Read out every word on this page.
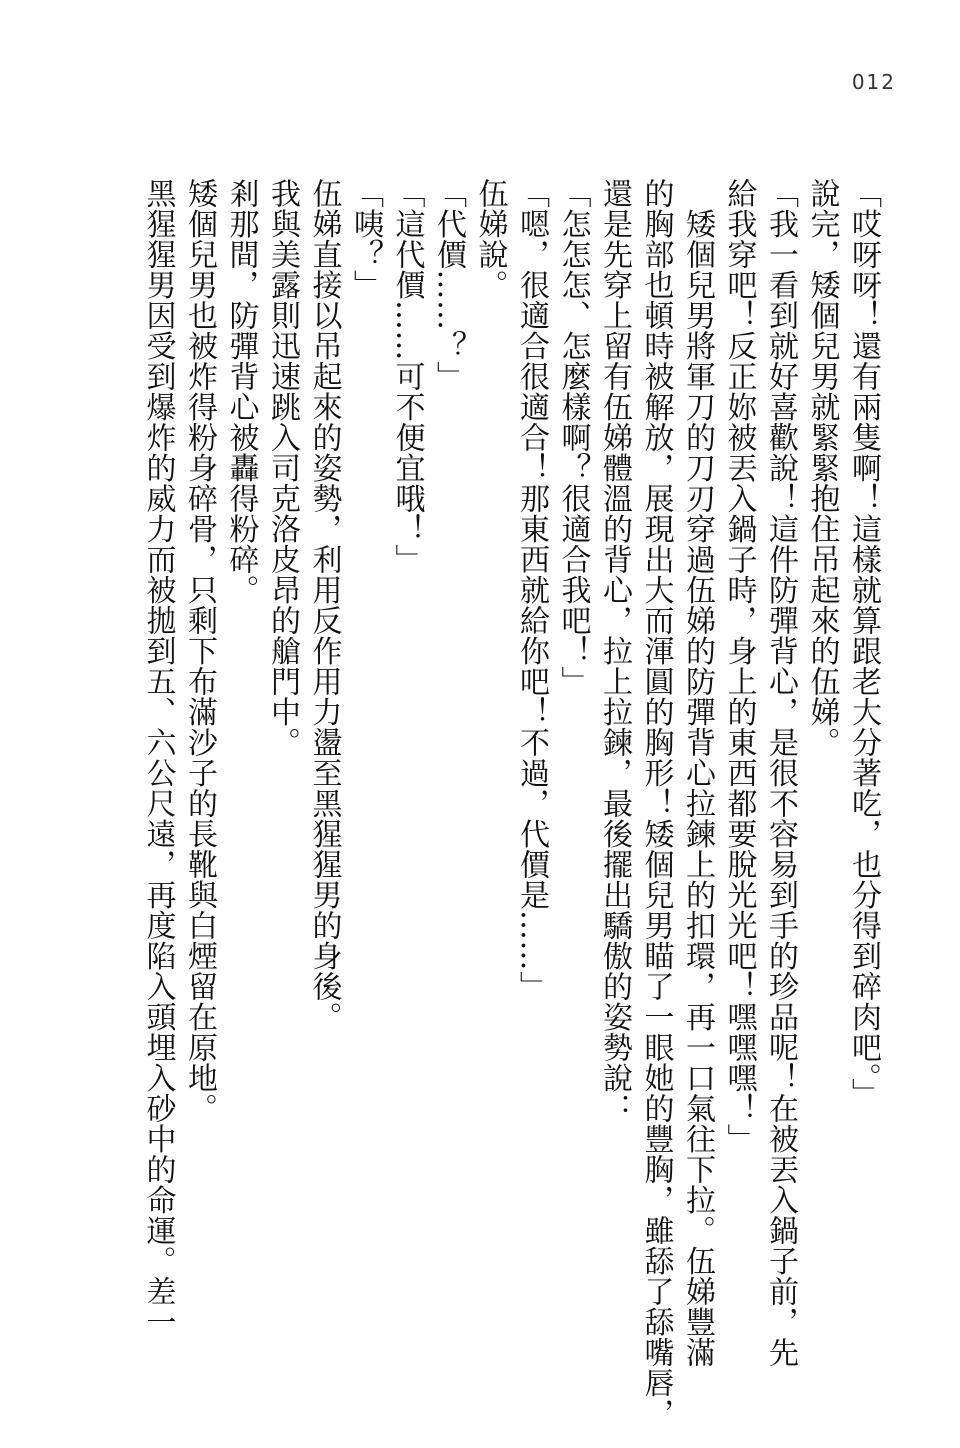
012

「哎呀呀！還有兩隻啊！這樣就算跟老大分著吃，也分得到碎肉吧。」

說完，矮個兒男就緊緊抱住吊起來的伍娣。

「我一看到就好喜歡說！這件防彈背心，是很不容易到手的珍品呢！在被丟入鍋子前，先

給我穿吧！反正妳被丟入鍋子時，身上的東西都要脫光光吧！嘿嘿嘿！」

　矮個兒男將軍刀的刀刃穿過伍娣的防彈背心拉鍊上的扣環，再一口氣往下拉。伍娣豐滿

的胸部也頓時被解放，展現出大而渾圓的胸形！矮個兒男瞄了一眼她的豐胸，雖舔了舔嘴唇，

還是先穿上留有伍娣體溫的背心，拉上拉鍊，最後擺出驕傲的姿勢說：

「怎怎怎、怎麼樣啊？很適合我吧！」

「嗯，很適合很適合！那東西就給你吧！不過，代價是……」

伍娣說。

「代價……？」

「這代價……可不便宜哦！」

「咦？」

伍娣直接以吊起來的姿勢，利用反作用力盪至黑猩猩男的身後。

我與美露則迅速跳入司克洛皮昂的艙門中。

剎那間，防彈背心被轟得粉碎。

矮個兒男也被炸得粉身碎骨，只剩下布滿沙子的長靴與白煙留在原地。

黑猩猩男因受到爆炸的威力而被拋到五、六公尺遠，再度陷入頭埋入砂中的命運。差一
